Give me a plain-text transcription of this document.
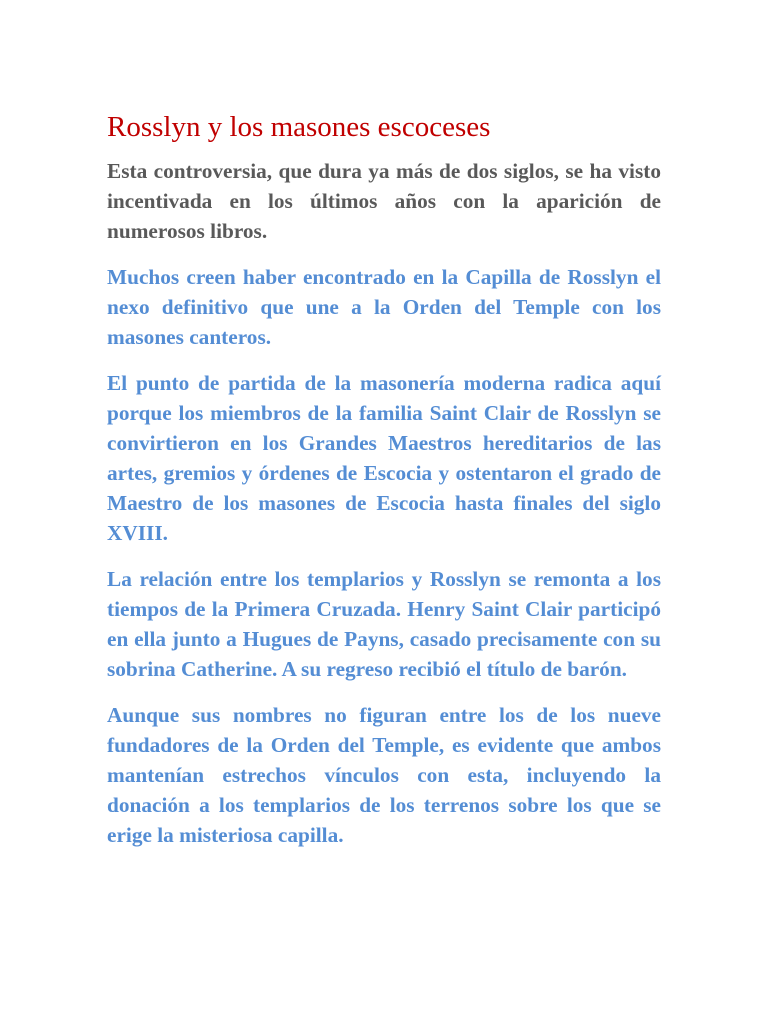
Rosslyn y los masones escoceses

Esta controversia, que dura ya más de dos siglos, se ha visto incentivada en los últimos años con la aparición de numerosos libros.

Muchos creen haber encontrado en la Capilla de Rosslyn el nexo definitivo que une a la Orden del Temple con los masones canteros.

El punto de partida de la masonería moderna radica aquí porque los miembros de la familia Saint Clair de Rosslyn se convirtieron en los Grandes Maestros hereditarios de las artes, gremios y órdenes de Escocia y ostentaron el grado de Maestro de los masones de Escocia hasta finales del siglo XVIII.

La relación entre los templarios y Rosslyn se remonta a los tiempos de la Primera Cruzada. Henry Saint Clair participó en ella junto a Hugues de Payns, casado precisamente con su sobrina Catherine. A su regreso recibió el título de barón.

Aunque sus nombres no figuran entre los de los nueve fundadores de la Orden del Temple, es evidente que ambos mantenían estrechos vínculos con esta, incluyendo la donación a los templarios de los terrenos sobre los que se erige la misteriosa capilla.
